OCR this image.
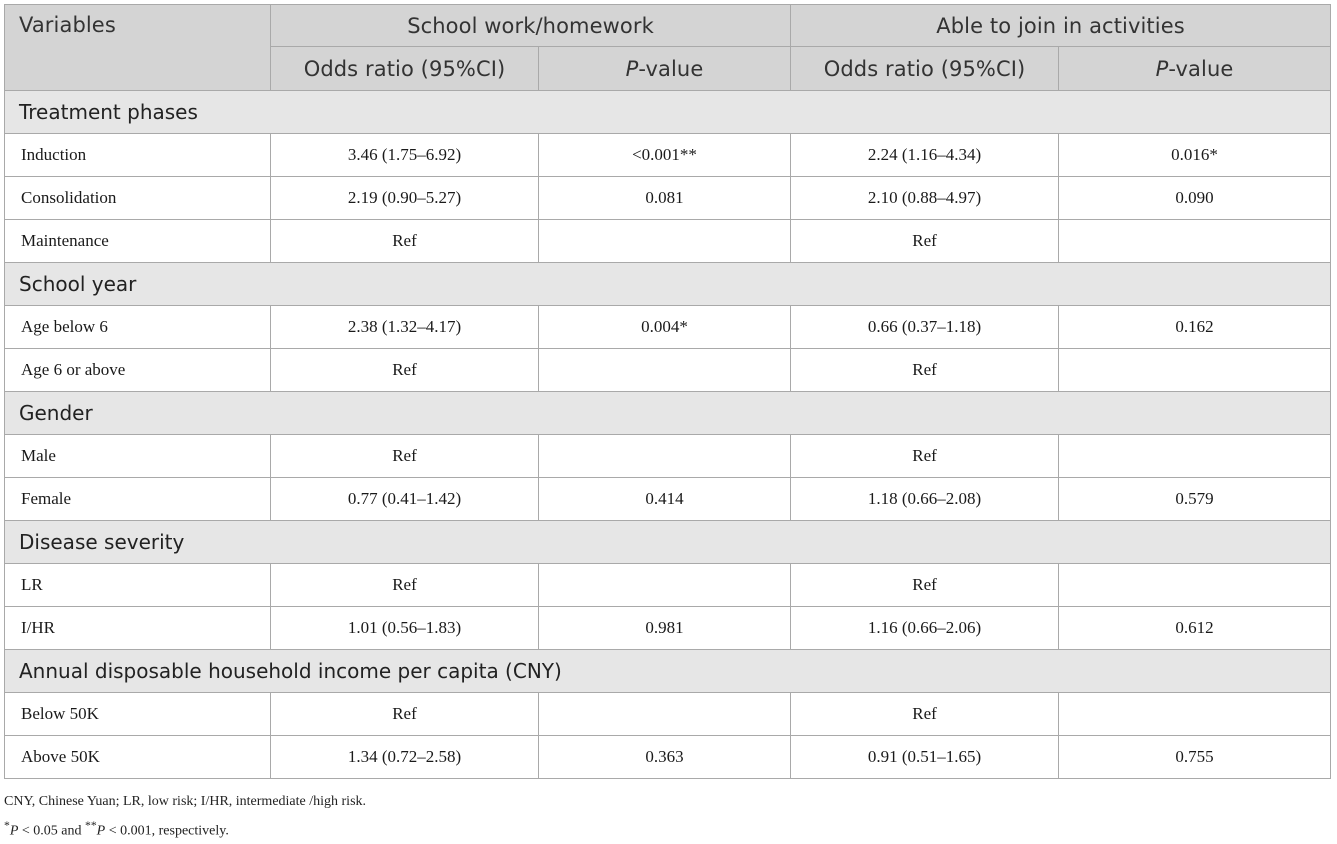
Variables	School work/homework		Able to join in activities	
	Odds ratio (95%CI)	P-value	Odds ratio (95%CI)	P-value
Treatment phases				
Induction	3.46 (1.75–6.92)	<0.001**	2.24 (1.16–4.34)	0.016*
Consolidation	2.19 (0.90–5.27)	0.081	2.10 (0.88–4.97)	0.090
Maintenance	Ref		Ref	
School year				
Age below 6	2.38 (1.32–4.17)	0.004*	0.66 (0.37–1.18)	0.162
Age 6 or above	Ref		Ref	
Gender				
Male	Ref		Ref	
Female	0.77 (0.41–1.42)	0.414	1.18 (0.66–2.08)	0.579
Disease severity				
LR	Ref		Ref	
I/HR	1.01 (0.56–1.83)	0.981	1.16 (0.66–2.06)	0.612
Annual disposable household income per capita (CNY)				
Below 50K	Ref		Ref	
Above 50K	1.34 (0.72–2.58)	0.363	0.91 (0.51–1.65)	0.755
CNY, Chinese Yuan; LR, low risk; I/HR, intermediate /high risk.
*P < 0.05 and **P < 0.001, respectively.
